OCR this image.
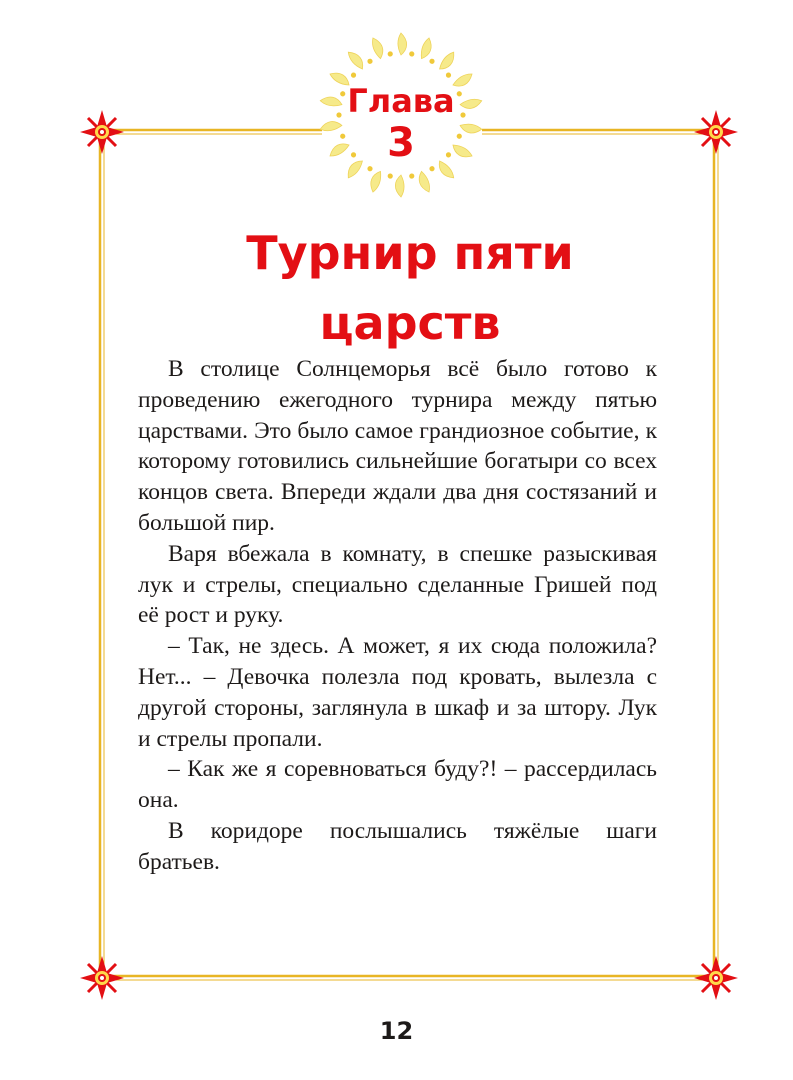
Глава
3
Турнир пяти
царств

В столице Солнцеморья всё было готово к проведению ежегодного турнира между пятью царствами. Это было самое грандиозное событие, к которому готовились сильнейшие богатыри со всех концов света. Впереди ждали два дня состязаний и большой пир.

Варя вбежала в комнату, в спешке разыскивая лук и стрелы, специально сделанные Гришей под её рост и руку.

– Так, не здесь. А может, я их сюда положила? Нет... – Девочка полезла под кровать, вылезла с другой стороны, заглянула в шкаф и за штору. Лук и стрелы пропали.

– Как же я соревноваться буду?! – рассердилась она.

В коридоре послышались тяжёлые шаги братьев.

12
